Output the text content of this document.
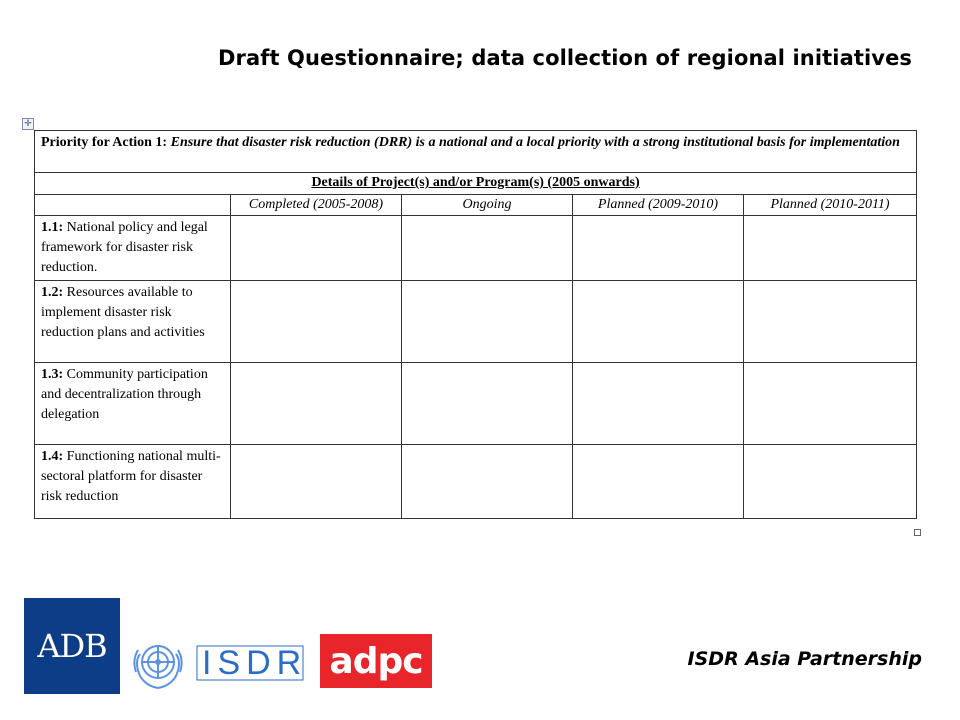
Draft Questionnaire; data collection of regional initiatives
✛
Priority for Action 1: Ensure that disaster risk reduction (DRR) is a national and a local priority with a strong institutional basis for implementation				
Details of Project(s) and/or Program(s) (2005 onwards)				
	Completed (2005-2008)	Ongoing	Planned (2009-2010)	Planned (2010-2011)
1.1: National policy and legal framework for disaster risk reduction.				
1.2: Resources available to implement disaster risk reduction plans and activities				
1.3: Community participation and decentralization through delegation				
1.4: Functioning national multi-sectoral platform for disaster risk reduction				
ADB	ISDR adpc	ISDR Asia Partnership
